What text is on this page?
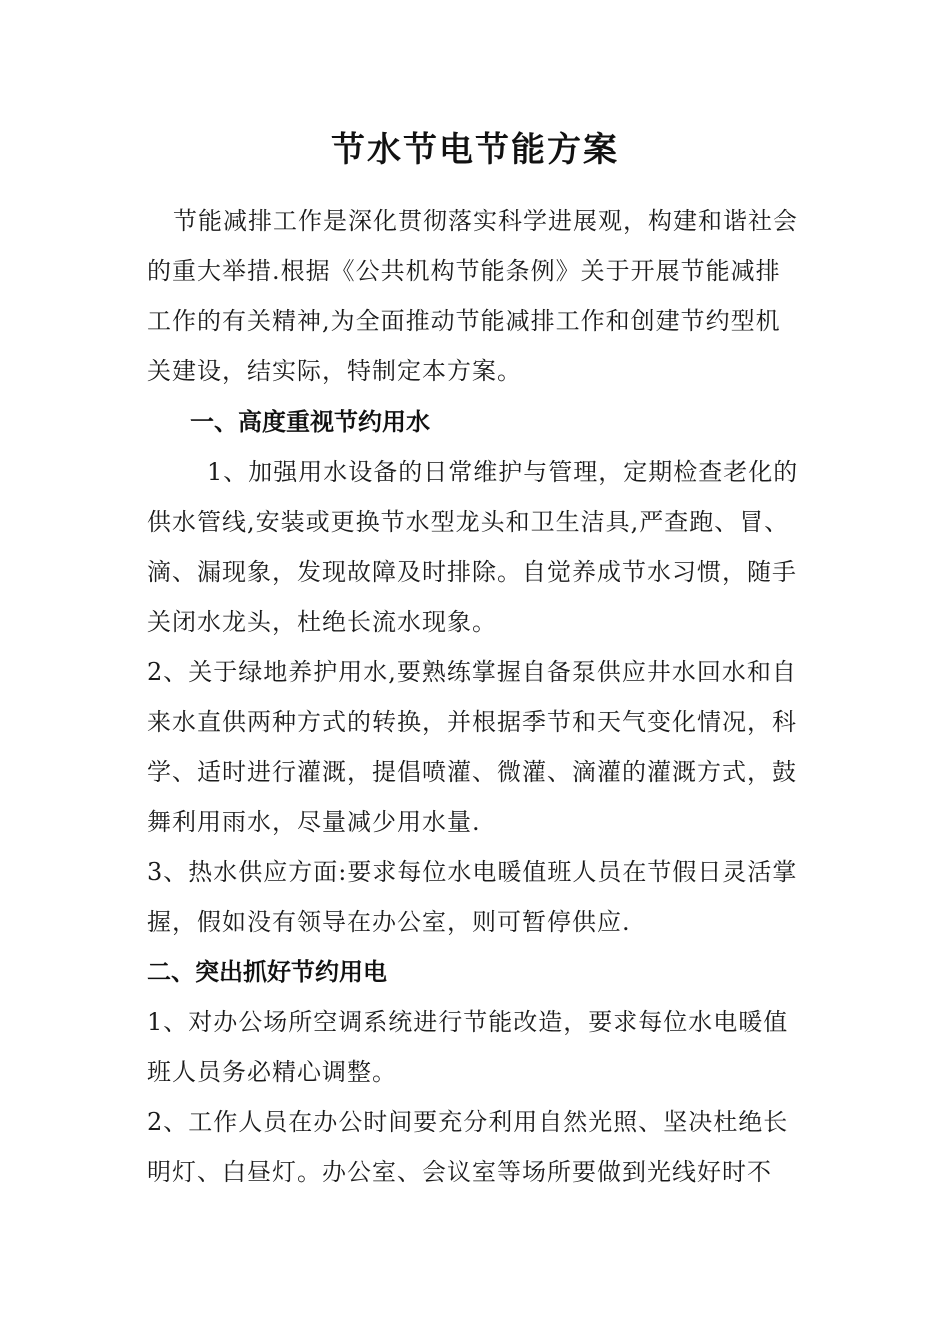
节水节电节能方案

节能减排工作是深化贯彻落实科学进展观，构建和谐社会的重大举措.根据《公共机构节能条例》关于开展节能减排工作的有关精神,为全面推动节能减排工作和创建节约型机关建设，结实际，特制定本方案。

一、高度重视节约用水

1、加强用水设备的日常维护与管理，定期检查老化的供水管线,安装或更换节水型龙头和卫生洁具,严查跑、冒、滴、漏现象，发现故障及时排除。自觉养成节水习惯，随手关闭水龙头，杜绝长流水现象。

2、关于绿地养护用水,要熟练掌握自备泵供应井水回水和自来水直供两种方式的转换，并根据季节和天气变化情况，科学、适时进行灌溉，提倡喷灌、微灌、滴灌的灌溉方式，鼓舞利用雨水，尽量减少用水量.

3、热水供应方面:要求每位水电暖值班人员在节假日灵活掌握，假如没有领导在办公室，则可暂停供应.

二、突出抓好节约用电

1、对办公场所空调系统进行节能改造，要求每位水电暖值班人员务必精心调整。

2、工作人员在办公时间要充分利用自然光照、坚决杜绝长明灯、白昼灯。办公室、会议室等场所要做到光线好时不
